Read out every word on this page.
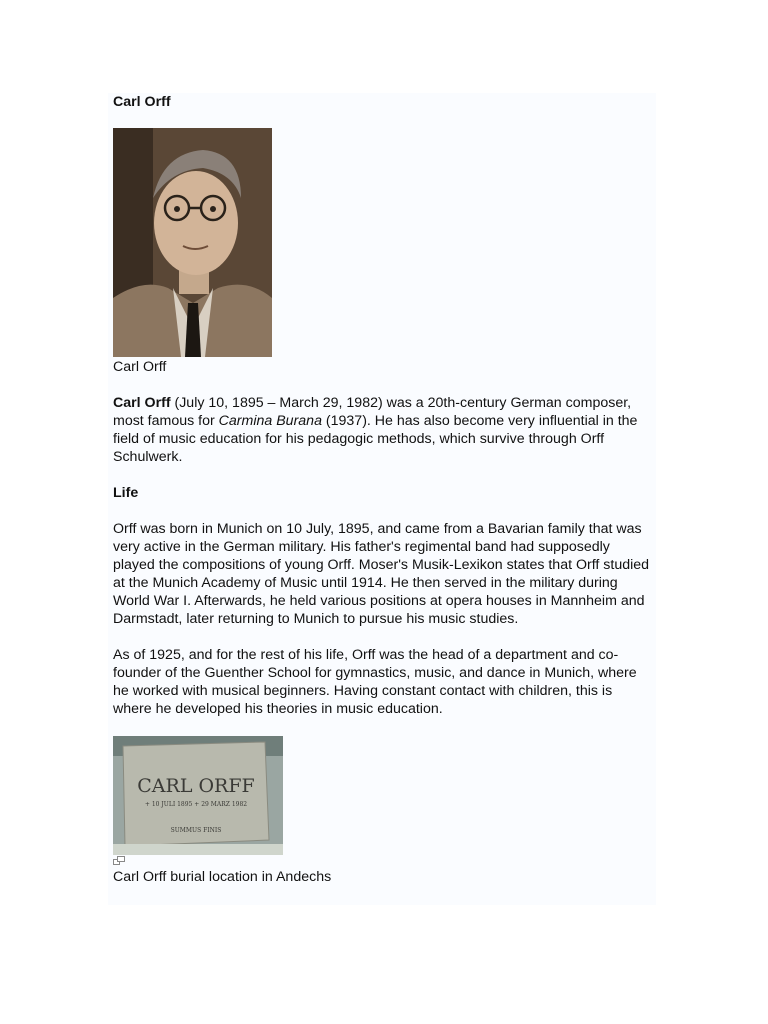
Carl Orff
Carl Orff

Carl Orff (July 10, 1895 – March 29, 1982) was a 20th-century German composer, most famous for Carmina Burana (1937). He has also become very influential in the field of music education for his pedagogic methods, which survive through Orff Schulwerk.

Life

Orff was born in Munich on 10 July, 1895, and came from a Bavarian family that was very active in the German military. His father's regimental band had supposedly played the compositions of young Orff. Moser's Musik-Lexikon states that Orff studied at the Munich Academy of Music until 1914. He then served in the military during World War I. Afterwards, he held various positions at opera houses in Mannheim and Darmstadt, later returning to Munich to pursue his music studies.

As of 1925, and for the rest of his life, Orff was the head of a department and co-founder of the Guenther School for gymnastics, music, and dance in Munich, where he worked with musical beginners. Having constant contact with children, this is where he developed his theories in music education.

CARL ORFF
+ 10 JULI 1895 + 29 MARZ 1982
SUMMUS FINIS
Carl Orff burial location in Andechs
